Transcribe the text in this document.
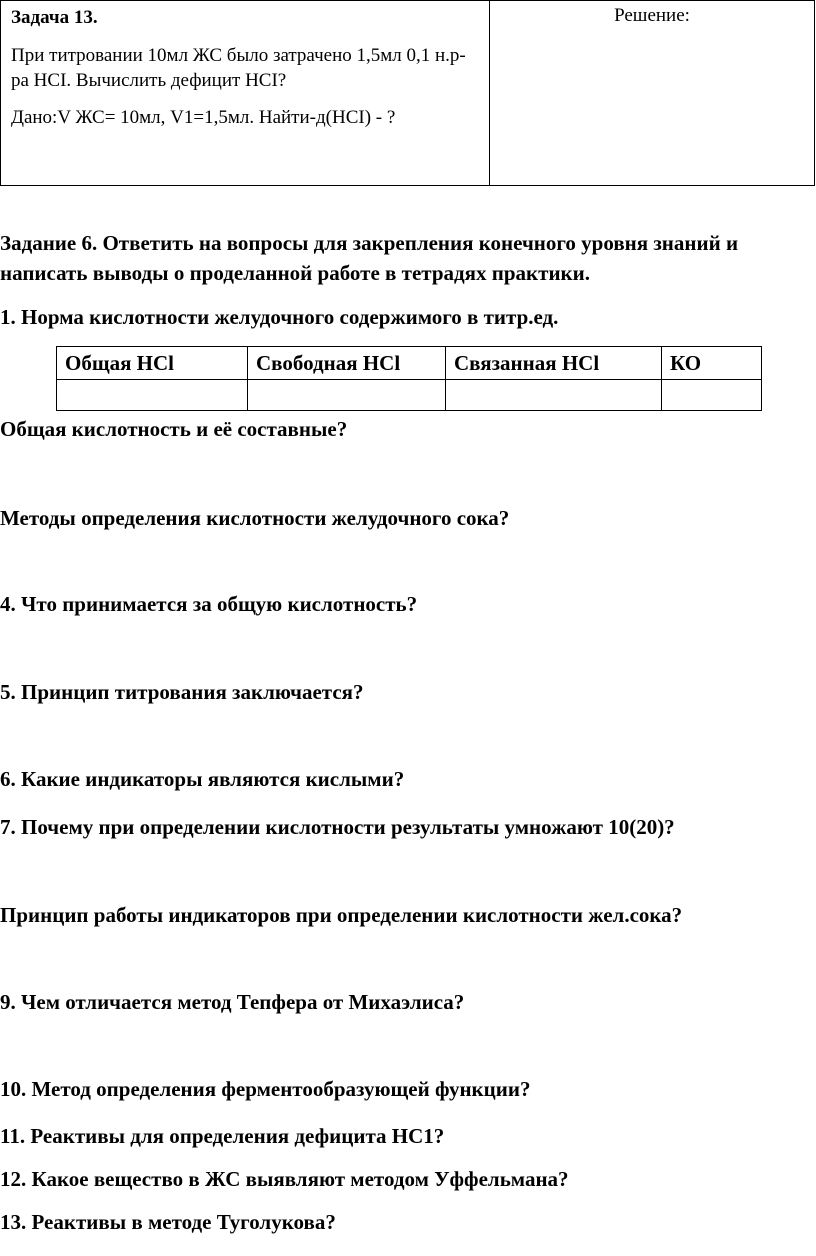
Задача 13.

При титровании 10мл ЖС было затрачено 1,5мл 0,1 н.р-ра HCI. Вычислить дефицит HCI?

Дано:V ЖС= 10мл, V1=1,5мл. Найти-д(HCI) - ?

	Решение:

Задание 6. Ответить на вопросы для закрепления конечного уровня знаний и написать выводы о проделанной работе в тетрадях практики.

1. Норма кислотности желудочного содержимого в титр.ед.

Общая HCl	Свободная HCl	Связанная HCl	КО

Общая кислотность и её составные?

Методы определения кислотности желудочного сока?

4. Что принимается за общую кислотность?

5. Принцип титрования заключается?

6. Какие индикаторы являются кислыми?

7. Почему при определении кислотности результаты умножают 10(20)?

Принцип работы индикаторов при определении кислотности жел.сока?

9. Чем отличается метод Тепфера от Михаэлиса?

10. Метод определения ферментообразующей функции?

11. Реактивы для определения дефицита НС1?

12. Какое вещество в ЖС выявляют методом Уффельмана?

13. Реактивы в методе Туголукова?
